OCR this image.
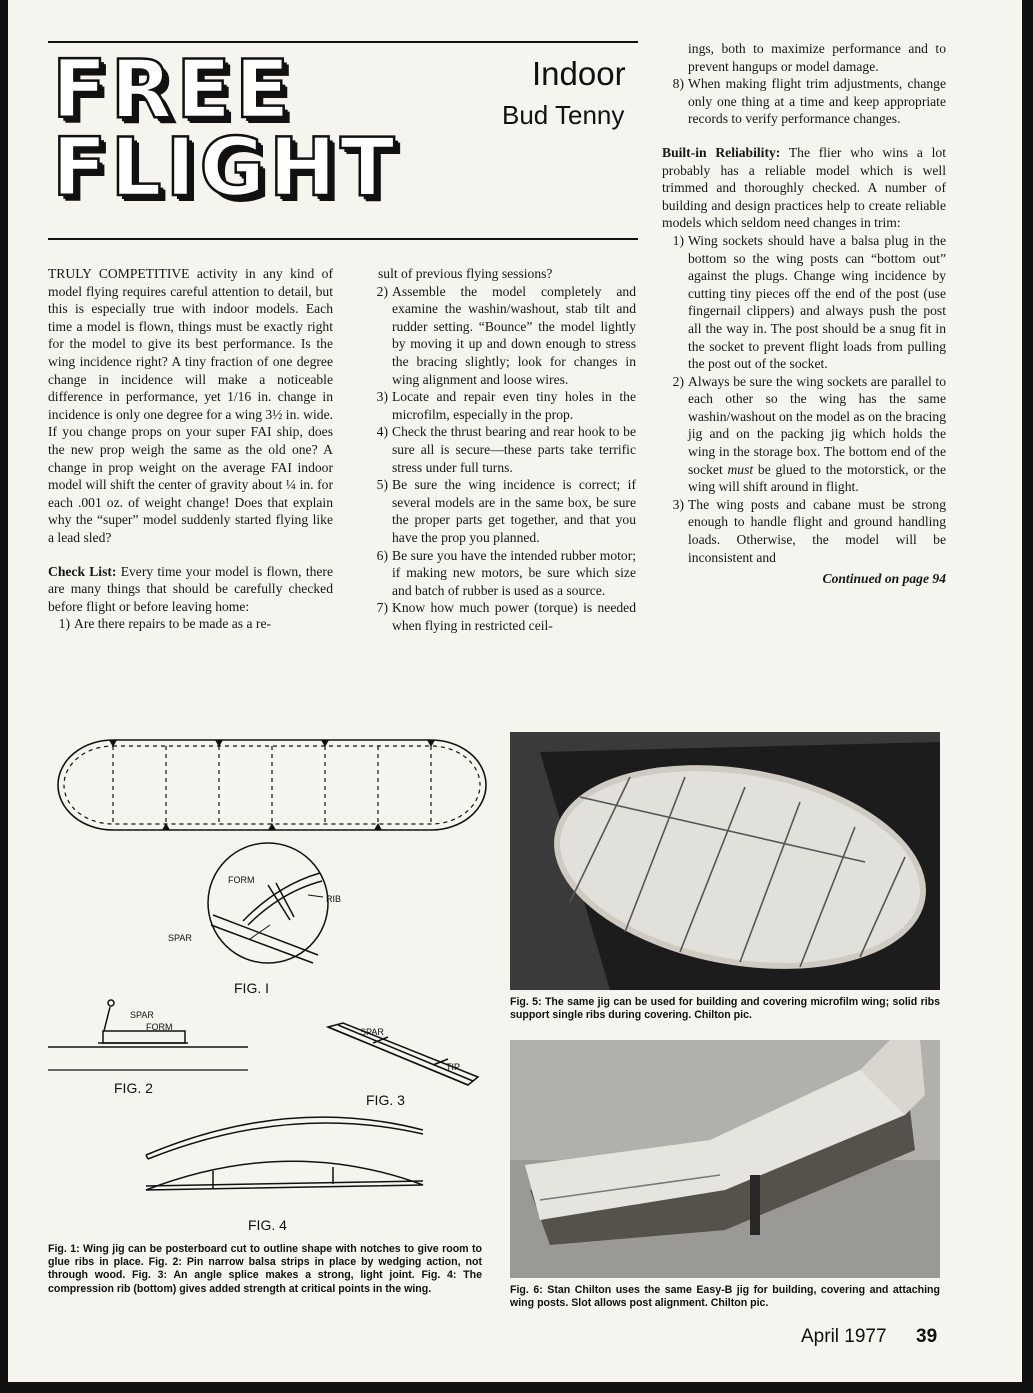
FREE
FLIGHT
Indoor
Bud Tenny

TRULY COMPETITIVE activity in any kind of model flying requires careful attention to detail, but this is especially true with indoor models. Each time a model is flown, things must be exactly right for the model to give its best performance. Is the wing incidence right? A tiny fraction of one degree change in incidence will make a noticeable difference in performance, yet 1/16 in. change in incidence is only one degree for a wing 3½ in. wide. If you change props on your super FAI ship, does the new prop weigh the same as the old one? A change in prop weight on the average FAI indoor model will shift the center of gravity about ¼ in. for each .001 oz. of weight change! Does that explain why the “super” model suddenly started flying like a lead sled?

Check List: Every time your model is flown, there are many things that should be carefully checked before flight or before leaving home:

1) Are there repairs to be made as a re-

sult of previous flying sessions?

2) Assemble the model completely and examine the washin/washout, stab tilt and rudder setting. “Bounce” the model lightly by moving it up and down enough to stress the bracing slightly; look for changes in wing alignment and loose wires.
3) Locate and repair even tiny holes in the microfilm, especially in the prop.
4) Check the thrust bearing and rear hook to be sure all is secure—these parts take terrific stress under full turns.
5) Be sure the wing incidence is correct; if several models are in the same box, be sure the proper parts get together, and that you have the prop you planned.
6) Be sure you have the intended rubber motor; if making new motors, be sure which size and batch of rubber is used as a source.
7) Know how much power (torque) is needed when flying in restricted ceil-
ings, both to maximize performance and to prevent hangups or model damage.
8) When making flight trim adjustments, change only one thing at a time and keep appropriate records to verify performance changes.

Built-in Reliability: The flier who wins a lot probably has a reliable model which is well trimmed and thoroughly checked. A number of building and design practices help to create reliable models which seldom need changes in trim:

1) Wing sockets should have a balsa plug in the bottom so the wing posts can “bottom out” against the plugs. Change wing incidence by cutting tiny pieces off the end of the post (use fingernail clippers) and always push the post all the way in. The post should be a snug fit in the socket to prevent flight loads from pulling the post out of the socket.
2) Always be sure the wing sockets are parallel to each other so the wing has the same washin/washout on the model as on the bracing jig and on the packing jig which holds the wing in the storage box. The bottom end of the socket must be glued to the motorstick, or the wing will shift around in flight.
3) The wing posts and cabane must be strong enough to handle flight and ground handling loads. Otherwise, the model will be inconsistent and
Continued on page 94
FORM
RIB
SPAR
FIG. I
SPAR
FORM
FIG. 2
SPAR
TIP
FIG. 3
FIG. 4
Fig. 1: Wing jig can be posterboard cut to outline shape with notches to give room to glue ribs in place. Fig. 2: Pin narrow balsa strips in place by wedging action, not through wood. Fig. 3: An angle splice makes a strong, light joint. Fig. 4: The compression rib (bottom) gives added strength at critical points in the wing.
Fig. 5: The same jig can be used for building and covering microfilm wing; solid ribs support single ribs during covering. Chilton pic.
Fig. 6: Stan Chilton uses the same Easy-B jig for building, covering and attaching wing posts. Slot allows post alignment. Chilton pic.
April 1977 39
